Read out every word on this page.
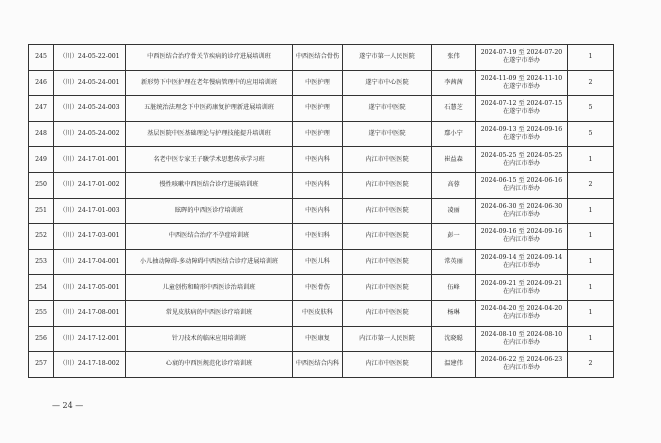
245	（川）24-05-22-001	中西医结合治疗骨关节疾病的诊疗进展培训班	中西医结合骨伤	遂宁市第一人民医院	张伟	2024-07-19 至 2024-07-20 在遂宁市举办	1
246	（川）24-05-24-001	新形势下中医护理在老年慢病管理中的应用培训班	中医护理	遂宁市中心医院	李茜茜	2024-11-09 至 2024-11-10 在遂宁市举办	2
247	（川）24-05-24-003	五脏统治法理念下中医药康复护理新进展培训班	中医护理	遂宁市中医院	石慧芝	2024-07-12 至 2024-07-15 在遂宁市举办	5
248	（川）24-05-24-002	基层医院中医基础理论与护理技能提升培训班	中医护理	遂宁市中医院	鄢小宁	2024-09-13 至 2024-09-16 在遂宁市举办	5
249	（川）24-17-01-001	名老中医专家王子駿学术思想传承学习班	中医内科	内江市中医医院	崔益森	2024-05-25 至 2024-05-25 在内江市举办	1
250	（川）24-17-01-002	慢性咳嗽中西医结合诊疗进展培训班	中医内科	内江市中医医院	高蓉	2024-06-15 至 2024-06-16 在内江市举办	2
251	（川）24-17-01-003	眩晖的中西医诊疗培训班	中医内科	内江市中医医院	凌丽	2024-06-30 至 2024-06-30 在内江市举办	1
252	（川）24-17-03-001	中西医结合治疗不孕症培训班	中医妇科	内江市中医医院	彭一	2024-09-16 至 2024-09-16 在内江市举办	1
253	（川）24-17-04-001	小儿抽动障碍-多动障碍中西医结合诊疗进展培训班	中医儿科	内江市中医医院	常英丽	2024-09-14 至 2024-09-14 在内江市举办	1
254	（川）24-17-05-001	儿童创伤和畸形中西医诊治培训班	中医骨伤	内江市中医医院	伍峰	2024-09-21 至 2024-09-21 在内江市举办	1
255	（川）24-17-08-001	常见皮肤病的中西医诊疗培训班	中医皮肤科	内江市中医医院	杨琳	2024-04-20 至 2024-04-20 在内江市举办	1
256	（川）24-17-12-001	针刀技术的临床应用培训班	中医康复	内江市第一人民医院	沈晓聪	2024-08-10 至 2024-08-10 在内江市举办	1
257	（川）24-17-18-002	心衰的中西医规范化诊疗培训班	中西医结合内科	内江市中医医院	温建伟	2024-06-22 至 2024-06-23 在内江市举办	2
— 24 —
